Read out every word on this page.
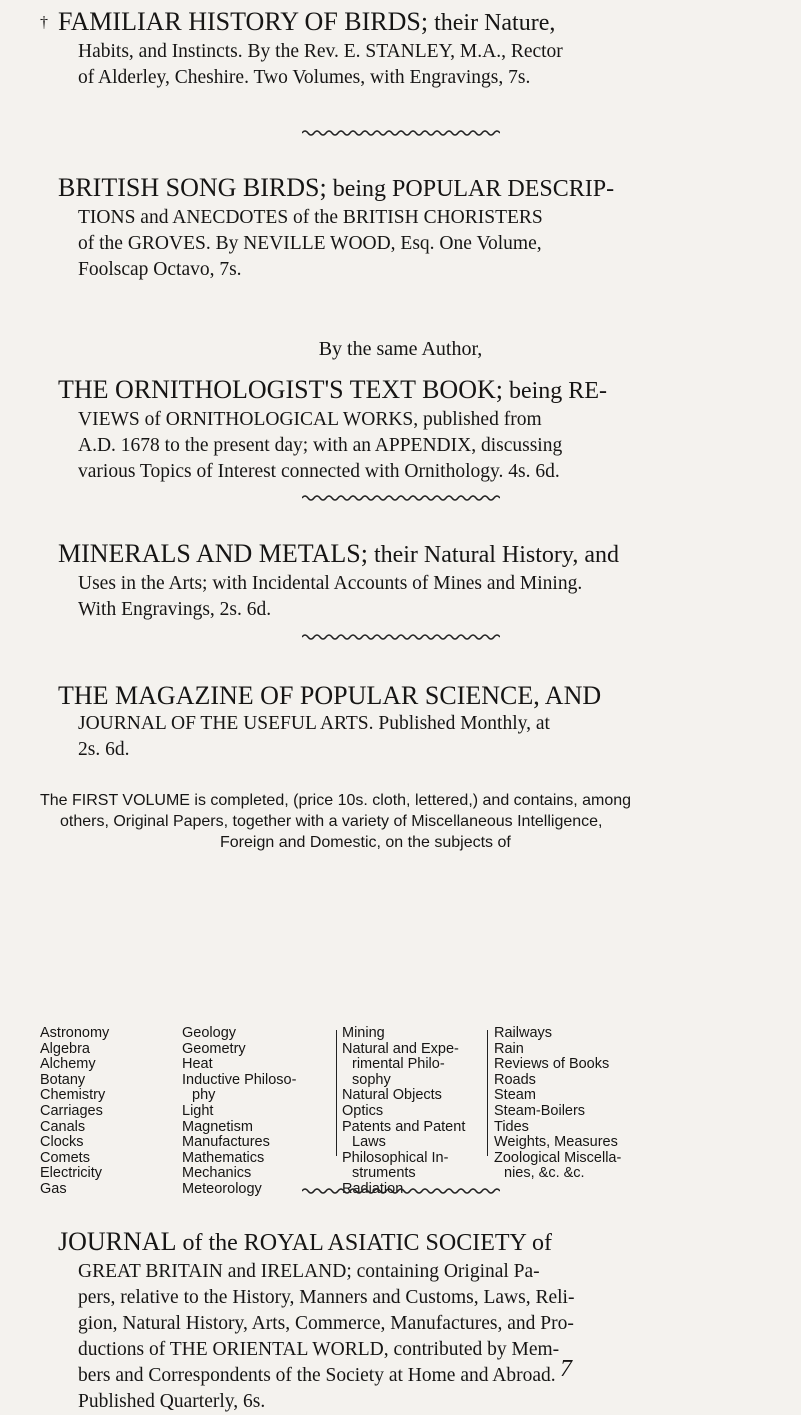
† FAMILIAR HISTORY OF BIRDS; their Nature,
Habits, and Instincts. By the Rev. E. STANLEY, M.A., Rector
of Alderley, Cheshire. Two Volumes, with Engravings, 7s.
BRITISH SONG BIRDS; being POPULAR DESCRIP-
TIONS and ANECDOTES of the BRITISH CHORISTERS
of the GROVES. By NEVILLE WOOD, Esq. One Volume,
Foolscap Octavo, 7s.
By the same Author,
THE ORNITHOLOGIST'S TEXT BOOK; being RE-
VIEWS of ORNITHOLOGICAL WORKS, published from
A.D. 1678 to the present day; with an APPENDIX, discussing
various Topics of Interest connected with Ornithology. 4s. 6d.
MINERALS AND METALS; their Natural History, and
Uses in the Arts; with Incidental Accounts of Mines and Mining.
With Engravings, 2s. 6d.
THE MAGAZINE OF POPULAR SCIENCE, AND
JOURNAL OF THE USEFUL ARTS. Published Monthly, at
2s. 6d.
The FIRST VOLUME is completed, (price 10s. cloth, lettered,) and contains, among
others, Original Papers, together with a variety of Miscellaneous Intelligence,
Foreign and Domestic, on the subjects of
Astronomy
Algebra
Alchemy
Botany
Chemistry
Carriages
Canals
Clocks
Comets
Electricity
Gas
Geology
Geometry
Heat
Inductive Philoso-
phy
Light
Magnetism
Manufactures
Mathematics
Mechanics
Meteorology
Mining
Natural and Expe-
rimental Philo-
sophy
Natural Objects
Optics
Patents and Patent
Laws
Philosophical In-
struments
Radiation
Railways
Rain
Reviews of Books
Roads
Steam
Steam-Boilers
Tides
Weights, Measures
Zoological Miscella-
nies, &c. &c.
JOURNAL of the ROYAL ASIATIC SOCIETY of
GREAT BRITAIN and IRELAND; containing Original Pa-
pers, relative to the History, Manners and Customs, Laws, Reli-
gion, Natural History, Arts, Commerce, Manufactures, and Pro-
ductions of THE ORIENTAL WORLD, contributed by Mem-
bers and Correspondents of the Society at Home and Abroad.
Published Quarterly, 6s.
7
